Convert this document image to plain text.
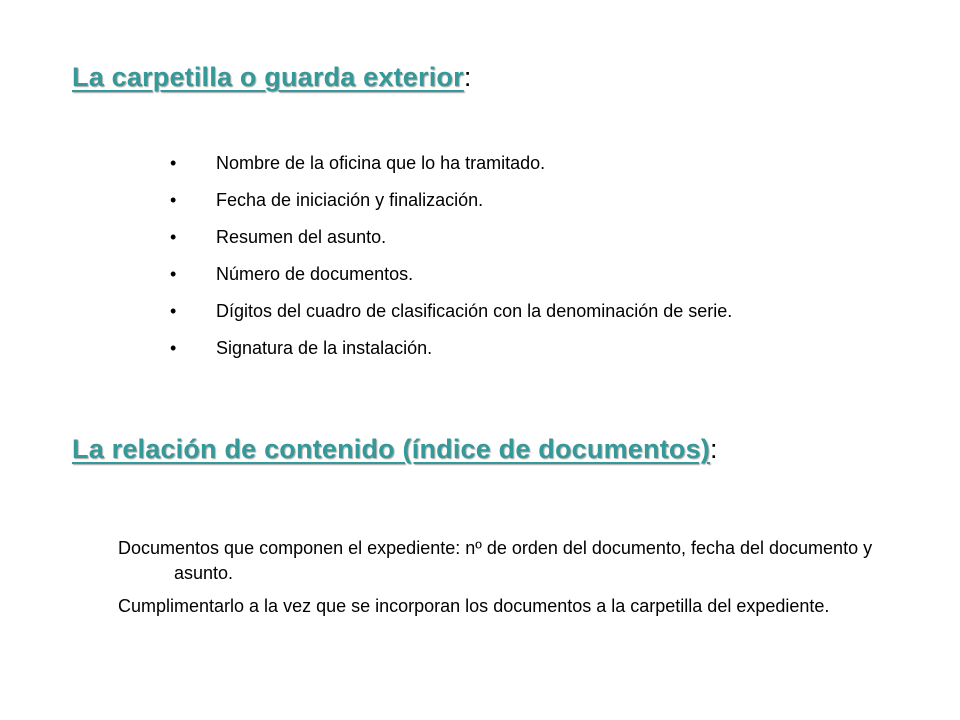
La carpetilla o guarda exterior:
• Nombre de la oficina que lo ha tramitado.
• Fecha de iniciación y finalización.
• Resumen del asunto.
• Número de documentos.
• Dígitos del cuadro de clasificación con la denominación de serie.
• Signatura de la instalación.
La relación de contenido (índice de documentos):

Documentos que componen el expediente: nº de orden del documento, fecha del documento y asunto.

Cumplimentarlo a la vez que se incorporan los documentos a la carpetilla del expediente.
